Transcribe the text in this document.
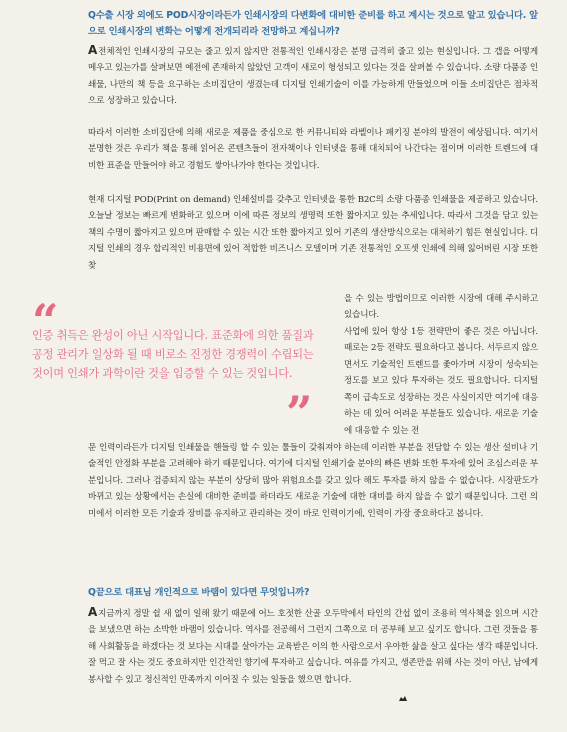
Q수출 시장 외에도 POD시장이라든가 인쇄시장의 다변화에 대비한 준비를 하고 계시는 것으로 알고 있습니다. 앞으로 인쇄시장의 변화는 어떻게 전개되리라 전망하고 계십니까?

A전체적인 인쇄시장의 규모는 줄고 있지 않지만 전통적인 인쇄시장은 분명 급격히 줄고 있는 현실입니다. 그 갭을 어떻게 메우고 있는가를 살펴보면 예전에 존재하지 않았던 고객이 새로이 형성되고 있다는 것을 살펴볼 수 있습니다. 소량 다품종 인쇄물, 나만의 책 등을 요구하는 소비집단이 생겼는데 디지털 인쇄기술이 이를 가능하게 만들었으며 이들 소비집단은 점차적으로 성장하고 있습니다.

따라서 이러한 소비집단에 의해 새로운 제품을 중심으로 한 커뮤니티와 라벨이나 패키징 분야의 발전이 예상됩니다. 여기서 분명한 것은 우리가 책을 통해 읽어온 콘텐츠들이 전자책이나 인터넷을 통해 대치되어 나간다는 점이며 이러한 트렌드에 대비한 표준을 만들어야 하고 경험도 쌓아나가야 한다는 것입니다.

현재 디지털 POD(Print on demand) 인쇄설비를 갖추고 인터넷을 통한 B2C의 소량 다품종 인쇄물을 제공하고 있습니다. 오늘날 정보는 빠르게 변화하고 있으며 이에 따른 정보의 생명력 또한 짧아지고 있는 추세입니다. 따라서 그것을 담고 있는 책의 수명이 짧아지고 있으며 판매할 수 있는 시간 또한 짧아지고 있어 기존의 생산방식으로는 대처하기 힘든 현실입니다. 디지털 인쇄의 경우 합리적인 비용면에 있어 적합한 비즈니스 모델이며 기존 전통적인 오프셋 인쇄에 의해 잃어버린 시장 또한 찾

을 수 있는 방법이므로 이러한 시장에 대해 주시하고 있습니다.

사업에 있어 항상 1등 전략만이 좋은 것은 아닙니다. 때로는 2등 전략도 필요하다고 봅니다. 서두르지 않으면서도 기술적인 트렌드를 좇아가며 시장이 성숙되는 정도를 보고 있다 투자하는 것도 필요합니다. 디지털쪽이 급속도로 성장하는 것은 사실이지만 여기에 대응하는 데 있어 어려운 부분들도 있습니다. 새로운 기술에 대응할 수 있는 전

문 인력이라든가 디지털 인쇄물을 핸들링 할 수 있는 툴들이 갖춰져야 하는데 이러한 부분을 전담할 수 있는 생산 설비나 기술적인 안정화 부분을 고려해야 하기 때문입니다. 여기에 디지털 인쇄기술 분야의 빠른 변화 또한 투자에 있어 조심스러운 부분입니다. 그러나 검증되지 않는 부분이 상당히 많아 위험요소를 갖고 있다 해도 투자를 하지 않을 수 없습니다. 시장판도가 바뀌고 있는 상황에서는 손실에 대비한 준비를 하더라도 새로운 기술에 대한 대비를 하지 않을 수 없기 때문입니다. 그런 의미에서 이러한 모든 기술과 장비를 유지하고 관리하는 것이 바로 인력이기에, 인력이 가장 중요하다고 봅니다.

“
인증 취득은 완성이 아닌 시작입니다. 표준화에 의한 품질과 공정 관리가 일상화 될 때 비로소 진정한 경쟁력이 수립되는 것이며 인쇄가 과학이란 것을 입증할 수 있는 것입니다.
”
Q끝으로 대표님 개인적으로 바램이 있다면 무엇입니까?

A지금까지 정말 쉴 새 없이 일해 왔기 때문에 어느 호젓한 산골 오두막에서 타인의 간섭 없이 조용히 역사책을 읽으며 시간을 보냈으면 하는 소박한 바램이 있습니다. 역사를 전공해서 그런지 그쪽으로 더 공부해 보고 싶기도 합니다. 그런 것들을 통해 사회활동을 하겠다는 것 보다는 시대를 살아가는 교육받은 이의 한 사람으로서 우아한 삶을 살고 싶다는 생각 때문입니다. 잘 먹고 잘 사는 것도 중요하지만 인간적인 향기에 투자하고 싶습니다. 여유를 가지고, 생존만을 위해 사는 것이 아닌, 남에게 봉사할 수 있고 정신적인 만족까지 이어질 수 있는 일들을 했으면 합니다.
